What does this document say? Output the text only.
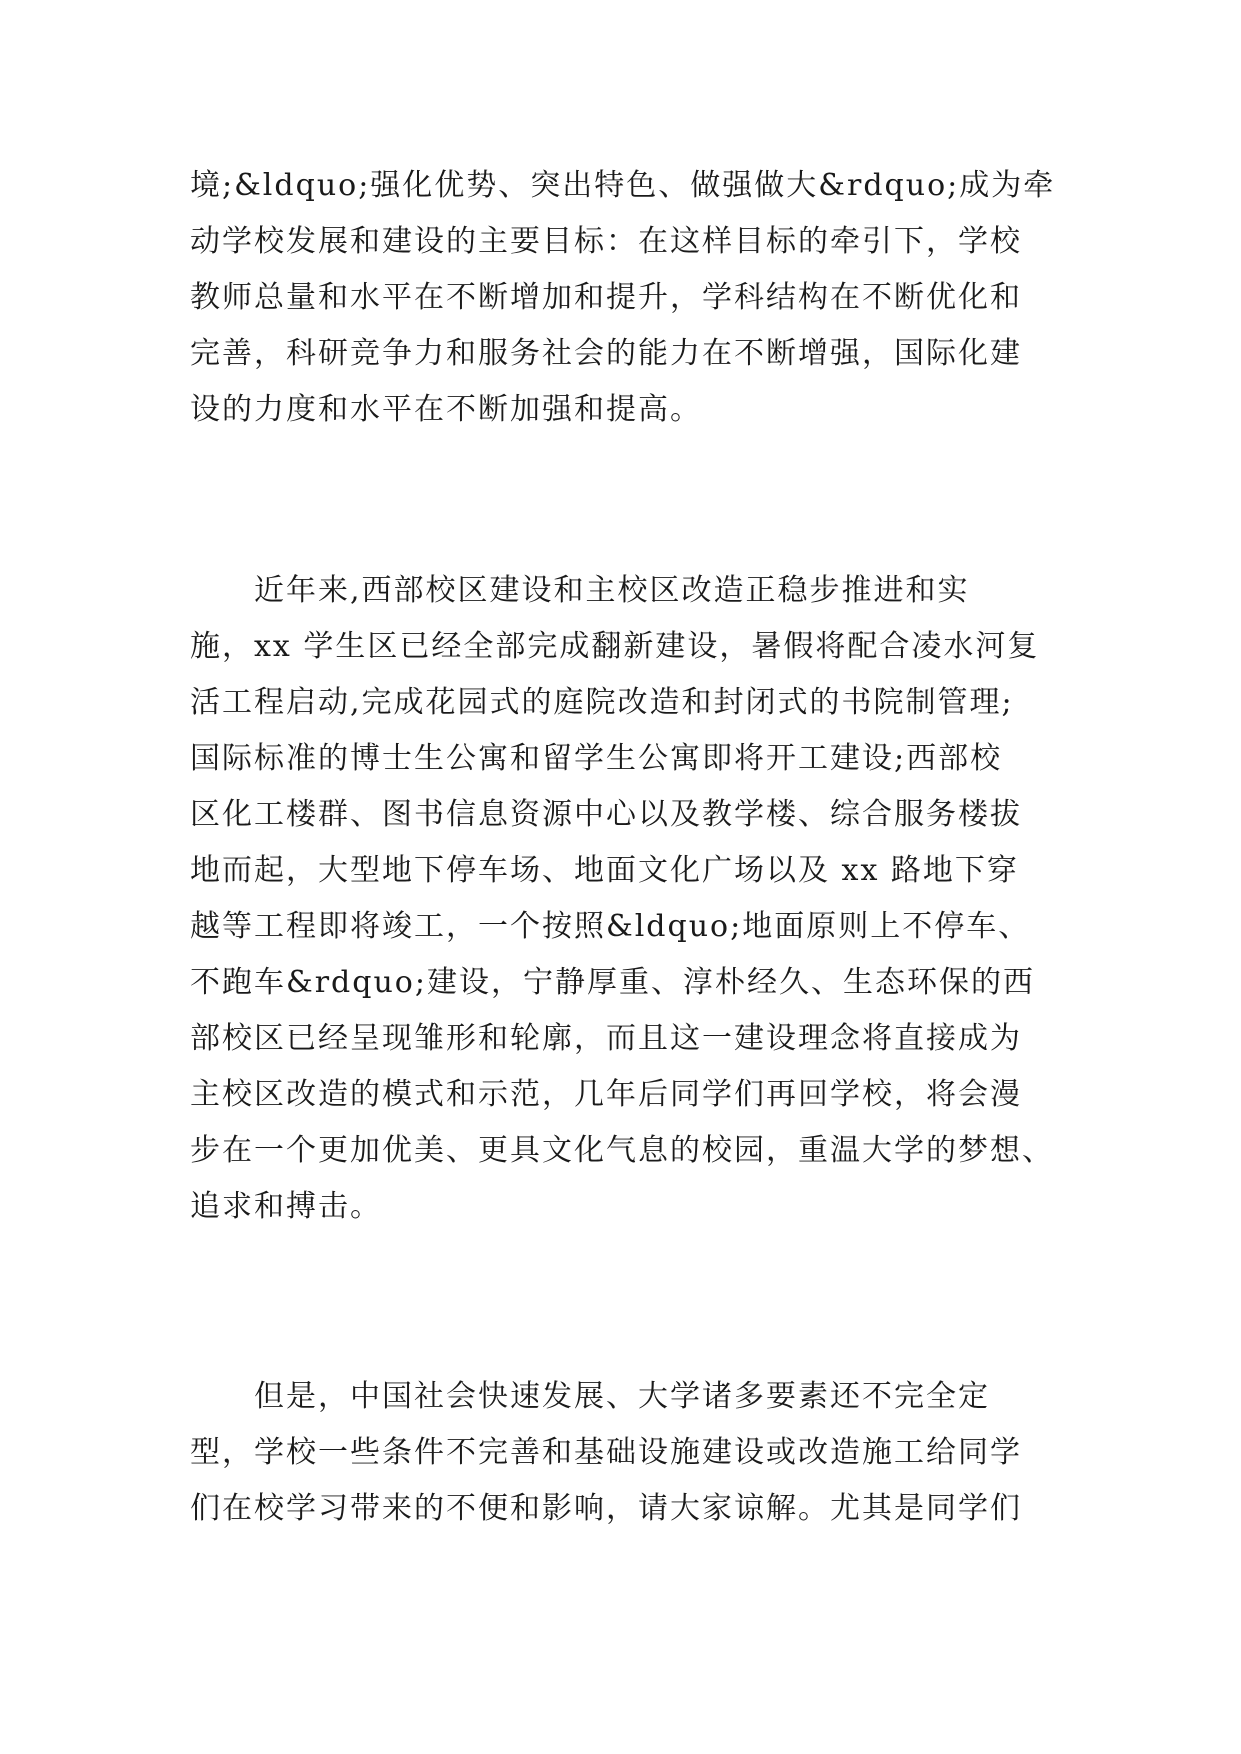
境;&ldquo;强化优势、突出特色、做强做大&rdquo;成为牵
动学校发展和建设的主要目标：在这样目标的牵引下，学校
教师总量和水平在不断增加和提升，学科结构在不断优化和
完善，科研竞争力和服务社会的能力在不断增强，国际化建
设的力度和水平在不断加强和提高。
　　近年来,西部校区建设和主校区改造正稳步推进和实
施，xx 学生区已经全部完成翻新建设，暑假将配合凌水河复
活工程启动,完成花园式的庭院改造和封闭式的书院制管理;
国际标准的博士生公寓和留学生公寓即将开工建设;西部校
区化工楼群、图书信息资源中心以及教学楼、综合服务楼拔
地而起，大型地下停车场、地面文化广场以及 xx 路地下穿
越等工程即将竣工，一个按照&ldquo;地面原则上不停车、
不跑车&rdquo;建设，宁静厚重、淳朴经久、生态环保的西
部校区已经呈现雏形和轮廓，而且这一建设理念将直接成为
主校区改造的模式和示范，几年后同学们再回学校，将会漫
步在一个更加优美、更具文化气息的校园，重温大学的梦想、
追求和搏击。
　　但是，中国社会快速发展、大学诸多要素还不完全定
型，学校一些条件不完善和基础设施建设或改造施工给同学
们在校学习带来的不便和影响，请大家谅解。尤其是同学们
